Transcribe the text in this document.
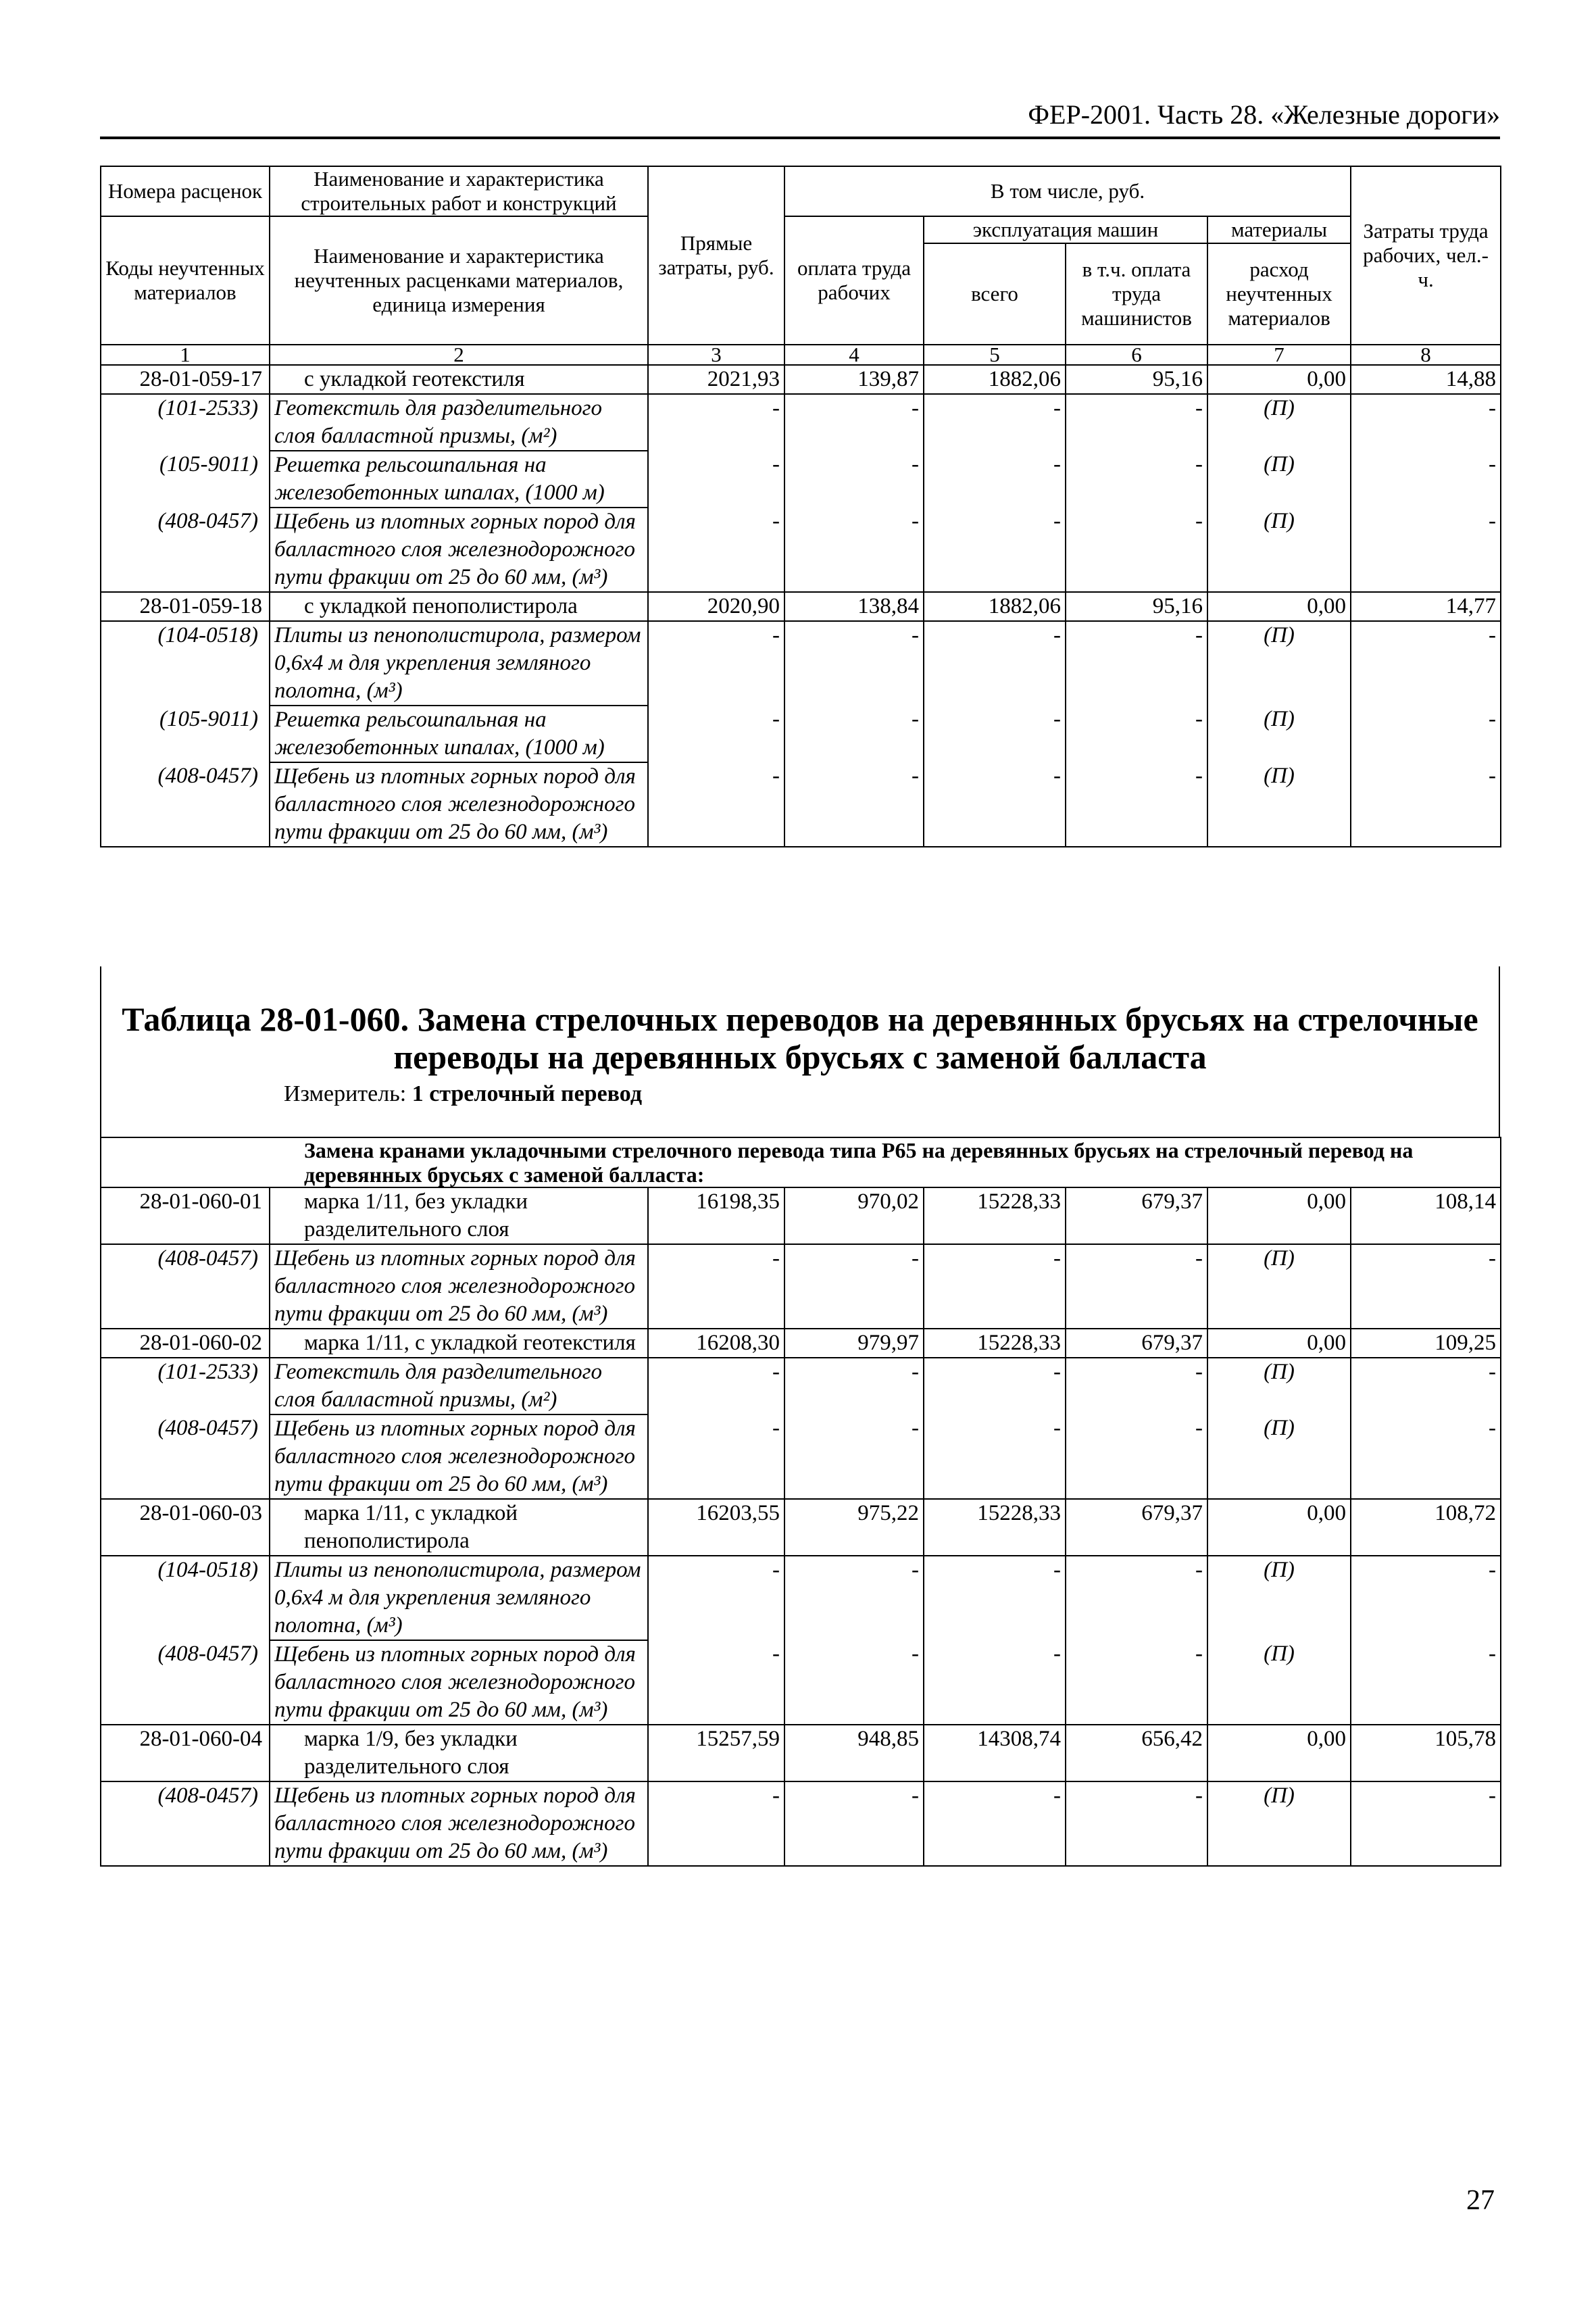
ФЕР-2001. Часть 28. «Железные дороги»
Номера расценок	Наименование и характеристика строительных работ и конструкций	Прямые затраты, руб.	В том числе, руб.				Затраты труда рабочих, чел.-ч.
Коды неучтенных материалов	Наименование и характеристика неучтенных расценками материалов, единица измерения		оплата труда рабочих	эксплуатация машин		материалы	
				всего	в т.ч. оплата труда машинистов	расход неучтенных материалов	
1	2	3	4	5	6	7	8
28-01-059-17	с укладкой геотекстиля	2021,93	139,87	1882,06	95,16	0,00	14,88
(101-2533)	Геотекстиль для разделительного слоя балластной призмы, (м²)	-	-	-	-	(П)	-
(105-9011)	Решетка рельсошпальная на железобетонных шпалах, (1000 м)	-	-	-	-	(П)	-
(408-0457)	Щебень из плотных горных пород для балластного слоя железнодорожного пути фракции от 25 до 60 мм, (м³)	-	-	-	-	(П)	-
28-01-059-18	с укладкой пенополистирола	2020,90	138,84	1882,06	95,16	0,00	14,77
(104-0518)	Плиты из пенополистирола, размером 0,6х4 м для укрепления земляного полотна, (м³)	-	-	-	-	(П)	-
(105-9011)	Решетка рельсошпальная на железобетонных шпалах, (1000 м)	-	-	-	-	(П)	-
(408-0457)	Щебень из плотных горных пород для балластного слоя железнодорожного пути фракции от 25 до 60 мм, (м³)	-	-	-	-	(П)	-
Таблица 28-01-060. Замена стрелочных переводов на деревянных брусьях на стрелочные
переводы на деревянных брусьях с заменой балласта
Измеритель: 1 стрелочный перевод
Замена кранами укладочными стрелочного перевода типа Р65 на деревянных брусьях на стрелочный перевод на деревянных брусьях с заменой балласта:							
28-01-060-01	марка 1/11, без укладки разделительного слоя	16198,35	970,02	15228,33	679,37	0,00	108,14
(408-0457)	Щебень из плотных горных пород для балластного слоя железнодорожного пути фракции от 25 до 60 мм, (м³)	-	-	-	-	(П)	-
28-01-060-02	марка 1/11, с укладкой геотекстиля	16208,30	979,97	15228,33	679,37	0,00	109,25
(101-2533)	Геотекстиль для разделительного слоя балластной призмы, (м²)	-	-	-	-	(П)	-
(408-0457)	Щебень из плотных горных пород для балластного слоя железнодорожного пути фракции от 25 до 60 мм, (м³)	-	-	-	-	(П)	-
28-01-060-03	марка 1/11, с укладкой пенополистирола	16203,55	975,22	15228,33	679,37	0,00	108,72
(104-0518)	Плиты из пенополистирола, размером 0,6х4 м для укрепления земляного полотна, (м³)	-	-	-	-	(П)	-
(408-0457)	Щебень из плотных горных пород для балластного слоя железнодорожного пути фракции от 25 до 60 мм, (м³)	-	-	-	-	(П)	-
28-01-060-04	марка 1/9, без укладки разделительного слоя	15257,59	948,85	14308,74	656,42	0,00	105,78
(408-0457)	Щебень из плотных горных пород для балластного слоя железнодорожного пути фракции от 25 до 60 мм, (м³)	-	-	-	-	(П)	-
27
